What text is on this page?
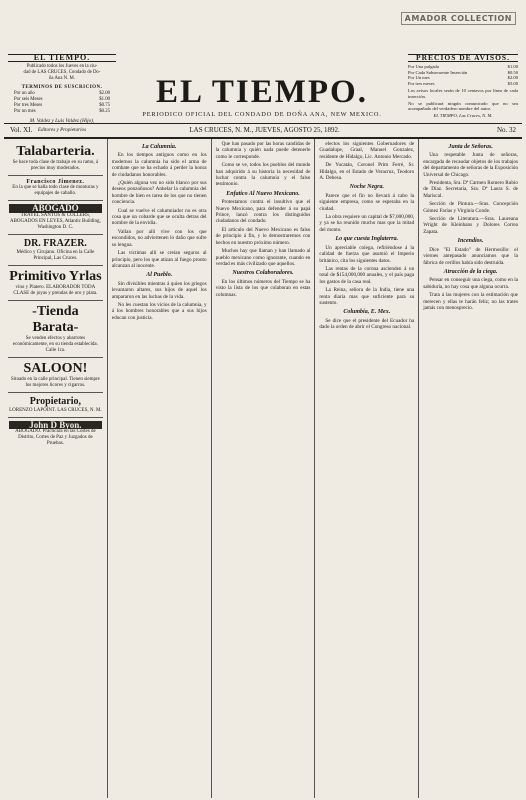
AMADOR COLLECTION
EL TIEMPO.
Publicado todos los Jueves en la ciu-
dad de LAS CRUCES, Condado de Do-
ña Ana N. M.
TERMINOS DE SUSCRICION.
Por un año	$2.00
Por seis Meses	$1.00
Por tres Meses	$0.75
Por un mes	$0.25
M. Valdez y Luis Valdez (Hijo),
Editores y Propietarios
EL TIEMPO.
PERIODICO OFICIAL DEL CONDADO DE DOÑA ANA, NEW MEXICO.
PRECIOS DE AVISOS.
Por Una pulgada	$1.00
Por Cada Subsecuente Inserción	$0.50
Por Un mes	$2.00
Por tres meses	$5.00

Los avisos locales serán de 10 centavos por línea de cada inserción.

No se publicará ningún comunicado que no sea acompañado del verdadero nombre del autor.

EL TIEMPO, Las Cruces, N. M.
Vol. XI.	LAS CRUCES, N. M., JUEVES, AGOSTO 25, 1892.	No. 32
Talabarteria.
Se hace toda clase de trabajo en su ramo, á precios muy moderados.
Francisco Jimenez.
En la que se halla todo clase de monturas y equipajes de caballo.
ABOGADO
TRAYEL SANTOS & COLLERS, ABOGADOS EN LEYES, Atlantic Building, Washington D. C.
DR. FRAZER.
Médico y Cirujano. Oficina en la Calle Principal, Las Cruces.
Primitivo Yrlas
vino y Platero. ELABORADOR TODA CLASE de joyas y prendas de oro y plata.
-Tienda Barata-
Se venden efectos y abarrotes económicamente, en su tienda establecida. Calle 1ra.
SALOON!
Situado en la calle principal. Tienen siempre los mejores licores y cigarros.
Propietario,
LORENZO LAPOINT. LAS CRUCES, N. M.
John D Byon.
ABOGADO. Practicará en las Cortes de Distrito, Cortes de Paz y Juzgados de Pruebas.
La Calumnia.

En los tiempos antiguos como en los modernos la calumnia ha sido el arma de combate que se ha echado á perder la honra de ciudadanos honorables.

¿Quién alguna vez no sido blanco por sus deseos ponzoñosos? Anhelar la calumnia del hombre de bien es tarea de los que no tienen conciencia.

Cual se vuelve el calumniador no es otra cosa que un cobarde que se oculta detras del nombre de la envidia.

Vallan por allí vive con los que escondidos, no adviertenen lo daño que sufre su lengua.

Las víctimas allí se creían seguros al principio, pero los que atizan al fuego pronto alcanzan al inocente.

Al Pueblo.

Sin divisibles mientras á quien los griegos levantaron altares, sus hijos de aquel los ampararon en las luchas de la vida.

No les cuestan los vicios de la calumnia, y á los hombres honorables que a sus hijos educan con justicia.

Que han pasado por las horas candidas de la calumnia y quién nada puede detenerle como le corresponde.

Como se ve, todos los pueblos del mundo han adquirido á su historia la necesidad de luchar contra la calumnia y el falso testimonio.

Enfatico Al Nuevo Mexicano.

Protestamos contra el insultivo que el Nuevo Mexicano, para defender á su papá Prince, lanzó contra los distinguidos ciudadanos del condado.

El articulo del Nuevo Mexicano es falso de principio á fin, y lo demostraremos con hechos en nuestro próximo número.

Muchos hay que llaman y han llamado al pueblo mexicano como ignorante, cuando en verdad es más civilizado que aquellos.

Nuestros Colaboradores.

En los últimos números del Tiempo se ha visto la lista de los que colaboran en estas columnas.

electos los siguientes Gobernadores de Guadalupe, Graal, Manuel Gonzalez, residente de Hidalgo, Lic. Antonio Mercado.

De Yucatán, Coronel Prim Ferré, Sr. Hidalgo, en el Estado de Veracruz, Teodoro A. Dehesa.

Noche Negra.

Parece que el fin no llevará á cabo la siguiente empresa, como se esperaba en la ciudad.

La obra requiere un capital de $7,000,000, y ya se ha reunido mucho mas que la mitad del monto.

Lo que cuesta Inglaterra.

Un apreciable colega, refiriéndose á la calidad de fuerza que asumió el Imperio británico, cita los siguientes datos.

Las rentas de la corona ascienden á un total de $154,000,000 anuales, y el país paga los gastos de la casa real.

La Reina, señora de la India, tiene una renta diaria mas que suficiente para su sustento.

Columbia, E. Mex.

Se dice que el presidente del Ecuador ha dado la orden de abrir el Congreso nacional.

Junta de Señoras.

Una respetable Junta de señoras, encargada de recaudar objetos de los trabajos del departamento de señoras de la Exposición Universal de Chicago.

Presidenta, Sra. Dª Carmen Romero Rubio de Díaz. Secretaria, Sra. Dª Laura S. de Mariscal.

Sección de Pintura.—Sras. Concepción Gómez Farías y Virginia Conde.

Sección de Literatura.—Sras. Laureana Wright de Kleinhans y Dolores Correa Zapata.

Incendios.

Dice "El Estado" de Hermosillo: el viernes antepasado anunciamos que la fábrica de cerillos había sido destruida.

Atracción de la ciega.

Pensar en conseguir una ciega, como en la sabiduría, no hay cosa que alguna ocurra.

Trata á las mujeres con la estimación que merecen y ellas te harán feliz; no las trates jamás con menosprecio.
